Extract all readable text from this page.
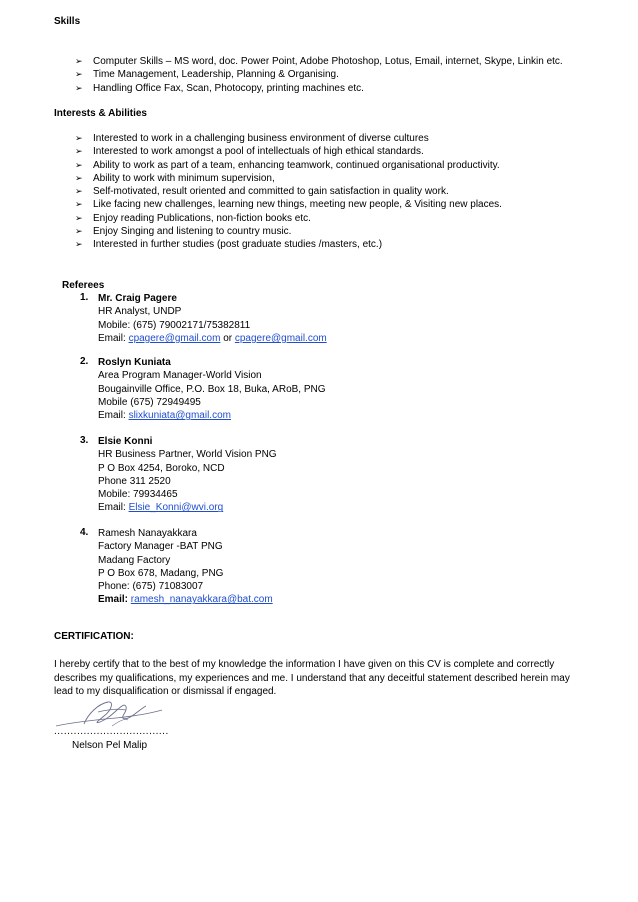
Skills
➢	Computer Skills – MS word, doc. Power Point, Adobe Photoshop, Lotus, Email, internet, Skype, Linkin etc.
➢	Time Management, Leadership, Planning & Organising.
➢	Handling Office Fax, Scan, Photocopy, printing machines etc.
Interests & Abilities
➢	Interested to work in a challenging business environment of diverse cultures
➢	Interested to work amongst a pool of intellectuals of high ethical standards.
➢	Ability to work as part of a team, enhancing teamwork, continued organisational productivity.
➢	Ability to work with minimum supervision,
➢	Self-motivated, result oriented and committed to gain satisfaction in quality work.
➢	Like facing new challenges, learning new things, meeting new people, & Visiting new places.
➢	Enjoy reading Publications, non-fiction books etc.
➢	Enjoy Singing and listening to country music.
➢	Interested in further studies (post graduate studies /masters, etc.)
Referees
1. Mr. Craig Pagere
HR Analyst, UNDP
Mobile: (675) 79002171/75382811
Email: cpagere@gmail.com or cpagere@gmail.com
2. Roslyn Kuniata
Area Program Manager-World Vision
Bougainville Office, P.O. Box 18, Buka, ARoB, PNG
Mobile (675) 72949495
Email: slixkuniata@gmail.com
3. Elsie Konni
HR Business Partner, World Vision PNG
P O Box 4254, Boroko, NCD
Phone 311 2520
Mobile: 79934465
Email: Elsie_Konni@wvi.org
4. Ramesh Nanayakkara
Factory Manager -BAT PNG
Madang Factory
P O Box 678, Madang, PNG
Phone: (675) 71083007
Email: ramesh_nanayakkara@bat.com
CERTIFICATION:
I hereby certify that to the best of my knowledge the information I have given on this CV is complete and correctly describes my qualifications, my experiences and me. I understand that any deceitful statement described herein may lead to my disqualification or dismissal if engaged.
...................................
Nelson Pel Malip
